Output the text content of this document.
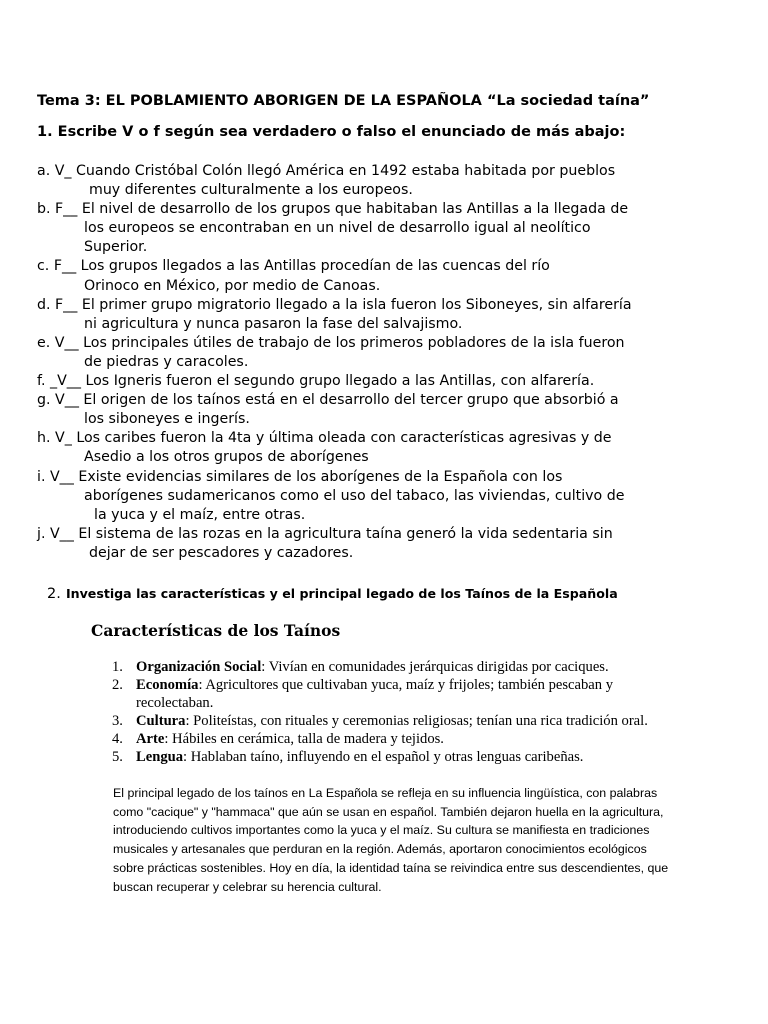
Tema 3: EL POBLAMIENTO ABORIGEN DE LA ESPAÑOLA “La sociedad taína”
1. Escribe V o f según sea verdadero o falso el enunciado de más abajo:
a. V_ Cuando Cristóbal Colón llegó América en 1492 estaba habitada por pueblos
muy diferentes culturalmente a los europeos.
b. F__ El nivel de desarrollo de los grupos que habitaban las Antillas a la llegada de
los europeos se encontraban en un nivel de desarrollo igual al neolítico
Superior.
c. F__ Los grupos llegados a las Antillas procedían de las cuencas del río
Orinoco en México, por medio de Canoas.
d. F__ El primer grupo migratorio llegado a la isla fueron los Siboneyes, sin alfarería
ni agricultura y nunca pasaron la fase del salvajismo.
e. V__ Los principales útiles de trabajo de los primeros pobladores de la isla fueron
de piedras y caracoles.
f. _V__ Los Igneris fueron el segundo grupo llegado a las Antillas, con alfarería.
g. V__ El origen de los taínos está en el desarrollo del tercer grupo que absorbió a
los siboneyes e ingerís.
h. V_ Los caribes fueron la 4ta y última oleada con características agresivas y de
Asedio a los otros grupos de aborígenes
i. V__ Existe evidencias similares de los aborígenes de la Española con los
aborígenes sudamericanos como el uso del tabaco, las viviendas, cultivo de
la yuca y el maíz, entre otras.
j. V__ El sistema de las rozas en la agricultura taína generó la vida sedentaria sin
dejar de ser pescadores y cazadores.
2. Investiga las características y el principal legado de los Taínos de la Española
Características de los Taínos
1. Organización Social: Vivían en comunidades jerárquicas dirigidas por caciques.
2. Economía: Agricultores que cultivaban yuca, maíz y frijoles; también pescaban y recolectaban.
3. Cultura: Politeístas, con rituales y ceremonias religiosas; tenían una rica tradición oral.
4. Arte: Hábiles en cerámica, talla de madera y tejidos.
5. Lengua: Hablaban taíno, influyendo en el español y otras lenguas caribeñas.
El principal legado de los taínos en La Española se refleja en su influencia lingüística, con palabras
como "cacique" y "hammaca" que aún se usan en español. También dejaron huella en la agricultura,
introduciendo cultivos importantes como la yuca y el maíz. Su cultura se manifiesta en tradiciones
musicales y artesanales que perduran en la región. Además, aportaron conocimientos ecológicos
sobre prácticas sostenibles. Hoy en día, la identidad taína se reivindica entre sus descendientes, que
buscan recuperar y celebrar su herencia cultural.
